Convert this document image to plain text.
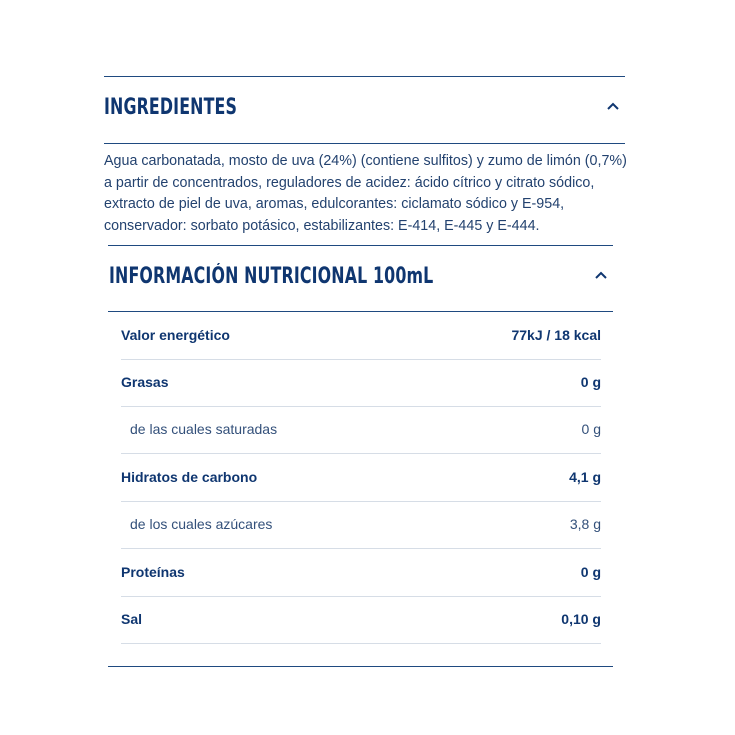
INGREDIENTES
Agua carbonatada, mosto de uva (24%) (contiene sulfitos) y zumo de limón (0,7%) a partir de concentrados, reguladores de acidez: ácido cítrico y citrato sódico, extracto de piel de uva, aromas, edulcorantes: ciclamato sódico y E-954, conservador: sorbato potásico, estabilizantes: E-414, E-445 y E-444.
INFORMACIÓN NUTRICIONAL 100mL
Valor energético	77kJ / 18 kcal
Grasas	0 g
de las cuales saturadas	0 g
Hidratos de carbono	4,1 g
de los cuales azúcares	3,8 g
Proteínas	0 g
Sal	0,10 g
